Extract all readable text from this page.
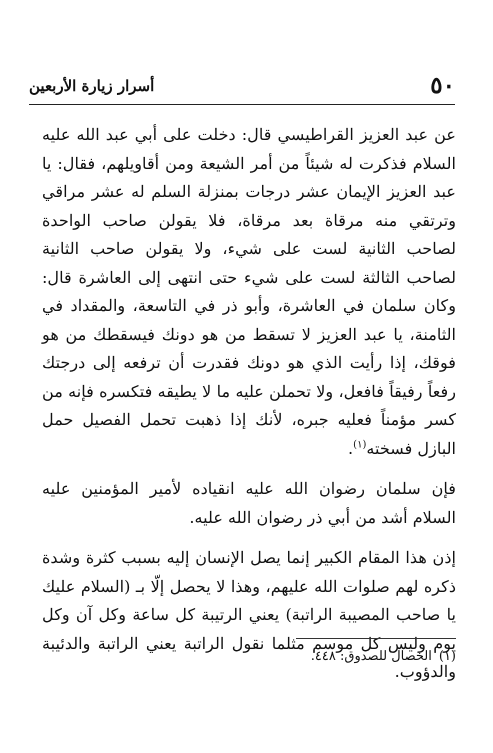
٥٠
أسرار زيارة الأربعين

عن عبد العزيز القراطيسي قال: دخلت على أبي عبد الله عليه السلام فذكرت له شيئاً من أمر الشيعة ومن أقاويلهم، فقال: يا عبد العزيز الإيمان عشر درجات بمنزلة السلم له عشر مراقي وترتقي منه مرقاة بعد مرقاة، فلا يقولن صاحب الواحدة لصاحب الثانية لست على شيء، ولا يقولن صاحب الثانية لصاحب الثالثة لست على شيء حتى انتهى إلى العاشرة قال: وكان سلمان في العاشرة، وأبو ذر في التاسعة، والمقداد في الثامنة، يا عبد العزيز لا تسقط من هو دونك فيسقطك من هو فوقك، إذا رأيت الذي هو دونك فقدرت أن ترفعه إلى درجتك رفعاً رفيقاً فافعل، ولا تحملن عليه ما لا يطيقه فتكسره فإنه من كسر مؤمناً فعليه جبره، لأنك إذا ذهبت تحمل الفصيل حمل البازل فسخته$^{(١)}$.

فإن سلمان رضوان الله عليه انقياده لأمير المؤمنين عليه السلام أشد من أبي ذر رضوان الله عليه.

إذن هذا المقام الكبير إنما يصل الإنسان إليه بسبب كثرة وشدة ذكره لهم صلوات الله عليهم، وهذا لا يحصل إلّا بـ (السلام عليك يا صاحب المصيبة الراتبة) يعني الرتيبة كل ساعة وكل آن وكل يوم وليس كل موسم مثلما نقول الراتبة يعني الراتبة والدئيبة والدؤوب.

(١)الخصال للصدوق: ٤٤٨.
